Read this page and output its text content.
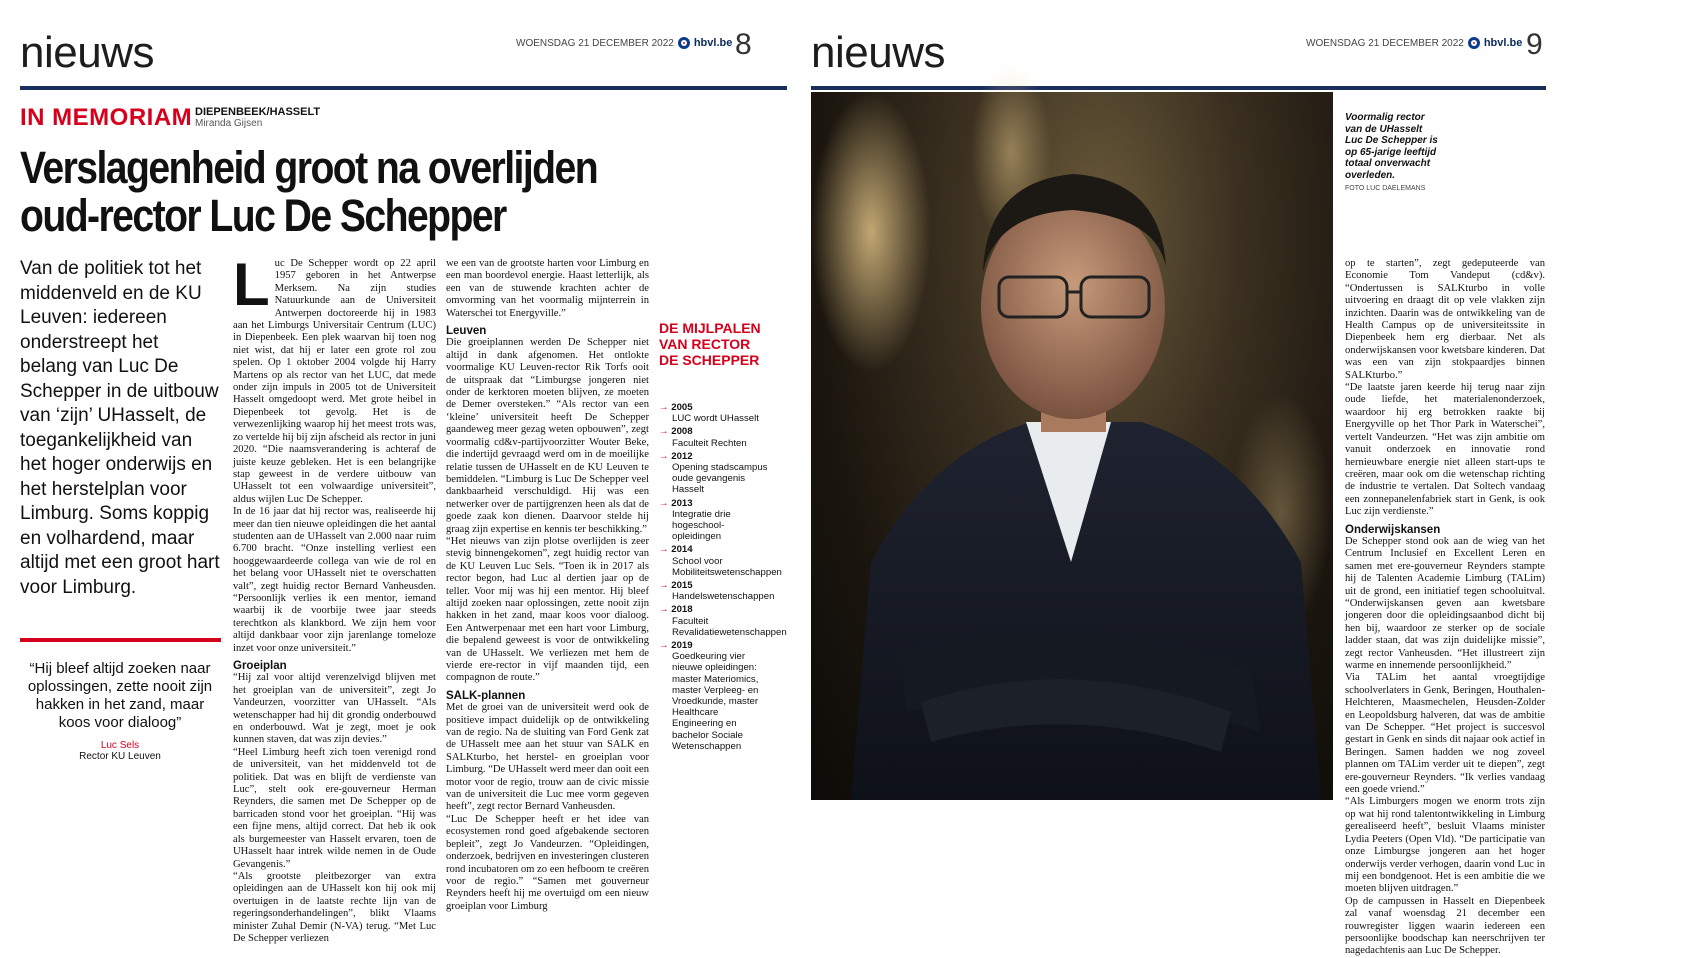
nieuws	WOENSDAG 21 DECEMBER 2022 hbvl.be 8 nieuws	WOENSDAG 21 DECEMBER 2022 hbvl.be 9
IN MEMORIAM DIEPENBEEK/HASSELT
Miranda Gijsen
Verslagenheid groot na overlijden
oud-rector Luc De Schepper
Van de politiek tot het middenveld en de KU Leuven: iedereen onderstreept het belang van Luc De Schepper in de uitbouw van ‘zijn’ UHasselt, de toegankelijkheid van het hoger onderwijs en het herstelplan voor Limburg. Soms koppig en volhardend, maar altijd met een groot hart voor Limburg.
“Hij bleef altijd zoeken naar oplossingen, zette nooit zijn hakken in het zand, maar koos voor dialoog”
Luc Sels
Rector KU Leuven

Luc De Schepper wordt op 22 april 1957 geboren in het Antwerpse Merksem. Na zijn studies Natuurkunde aan de Universiteit Antwerpen doctoreerde hij in 1983 aan het Limburgs Universitair Centrum (LUC) in Diepenbeek. Een plek waarvan hij toen nog niet wist, dat hij er later een grote rol zou spelen. Op 1 oktober 2004 volgde hij Harry Martens op als rector van het LUC, dat mede onder zijn impuls in 2005 tot de Universiteit Hasselt omgedoopt werd. Met grote heibel in Diepenbeek tot gevolg. Het is de verwezenlijking waarop hij het meest trots was, zo vertelde hij bij zijn afscheid als rector in juni 2020. “Die naamsverandering is achteraf de juiste keuze gebleken. Het is een belangrijke stap geweest in de verdere uitbouw van UHasselt tot een volwaardige universiteit”, aldus wijlen Luc De Schepper.

In de 16 jaar dat hij rector was, realiseerde hij meer dan tien nieuwe opleidingen die het aantal studenten aan de UHasselt van 2.000 naar ruim 6.700 bracht. “Onze instelling verliest een hooggewaardeerde collega van wie de rol en het belang voor UHasselt niet te overschatten valt”, zegt huidig rector Bernard Vanheusden. “Persoonlijk verlies ik een mentor, iemand waarbij ik de voorbije twee jaar steeds terechtkon als klankbord. We zijn hem voor altijd dankbaar voor zijn jarenlange tomeloze inzet voor onze universiteit.”

Groeiplan

“Hij zal voor altijd verenzelvigd blijven met het groeiplan van de universiteit”, zegt Jo Vandeurzen, voorzitter van UHasselt. “Als wetenschapper had hij dit grondig onderbouwd en onderbouwd. Wat je zegt, moet je ook kunnen staven, dat was zijn devies.”

“Heel Limburg heeft zich toen verenigd rond de universiteit, van het middenveld tot de politiek. Dat was en blijft de verdienste van Luc”, stelt ook ere-gouverneur Herman Reynders, die samen met De Schepper op de barricaden stond voor het groeiplan. “Hij was een fijne mens, altijd correct. Dat heb ik ook als burgemeester van Hasselt ervaren, toen de UHasselt haar intrek wilde nemen in de Oude Gevangenis.”

“Als grootste pleitbezorger van extra opleidingen aan de UHasselt kon hij ook mij overtuigen in de laatste rechte lijn van de regeringsonderhandelingen”, blikt Vlaams minister Zuhal Demir (N-VA) terug. “Met Luc De Schepper verliezen

we een van de grootste harten voor Limburg en een man boordevol energie. Haast letterlijk, als een van de stuwende krachten achter de omvorming van het voormalig mijnterrein in Waterschei tot Energyville.”

Leuven

Die groeiplannen werden De Schepper niet altijd in dank afgenomen. Het ontlokte voormalige KU Leuven-rector Rik Torfs ooit de uitspraak dat “Limburgse jongeren niet onder de kerktoren moeten blijven, ze moeten de Demer oversteken.” “Als rector van een ‘kleine’ universiteit heeft De Schepper gaandeweg meer gezag weten opbouwen”, zegt voormalig cd&v-partijvoorzitter Wouter Beke, die indertijd gevraagd werd om in de moeilijke relatie tussen de UHasselt en de KU Leuven te bemiddelen. “Limburg is Luc De Schepper veel dankbaarheid verschuldigd. Hij was een netwerker over de partijgrenzen heen als dat de goede zaak kon dienen. Daarvoor stelde hij graag zijn expertise en kennis ter beschikking.”

“Het nieuws van zijn plotse overlijden is zeer stevig binnengekomen”, zegt huidig rector van de KU Leuven Luc Sels. “Toen ik in 2017 als rector begon, had Luc al dertien jaar op de teller. Voor mij was hij een mentor. Hij bleef altijd zoeken naar oplossingen, zette nooit zijn hakken in het zand, maar koos voor dialoog. Een Antwerpenaar met een hart voor Limburg, die bepalend geweest is voor de ontwikkeling van de UHasselt. We verliezen met hem de vierde ere-rector in vijf maanden tijd, een compagnon de route.”

SALK-plannen

Met de groei van de universiteit werd ook de positieve impact duidelijk op de ontwikkeling van de regio. Na de sluiting van Ford Genk zat de UHasselt mee aan het stuur van SALK en SALKturbo, het herstel- en groeiplan voor Limburg. “De UHasselt werd meer dan ooit een motor voor de regio, trouw aan de civic missie van de universiteit die Luc mee vorm gegeven heeft”, zegt rector Bernard Vanheusden.

“Luc De Schepper heeft er het idee van ecosystemen rond goed afgebakende sectoren bepleit”, zegt Jo Vandeurzen. “Opleidingen, onderzoek, bedrijven en investeringen clusteren rond incubatoren om zo een hefboom te creëren voor de regio.” “Samen met gouverneur Reynders heeft hij me overtuigd om een nieuw groeiplan voor Limburg

DE MIJLPALEN VAN RECTOR DE SCHEPPER
→ 2005
LUC wordt UHasselt
→ 2008
Faculteit Rechten
→ 2012
Opening stadscampus oude gevangenis Hasselt
→ 2013
Integratie drie hogeschool-opleidingen
→ 2014
School voor Mobiliteitswetenschappen
→ 2015
Handelswetenschappen
→ 2018
Faculteit Revalidatiewetenschappen
→ 2019
Goedkeuring vier nieuwe opleidingen: master Materiomics, master Verpleeg- en Vroedkunde, master Healthcare Engineering en bachelor Sociale Wetenschappen
Voormalig rector van de UHasselt Luc De Schepper is op 65-jarige leeftijd totaal onverwacht overleden.
FOTO LUC DAELEMANS

op te starten”, zegt gedeputeerde van Economie Tom Vandeput (cd&v). “Ondertussen is SALKturbo in volle uitvoering en draagt dit op vele vlakken zijn inzichten. Daarin was de ontwikkeling van de Health Campus op de universiteitssite in Diepenbeek hem erg dierbaar. Net als onderwijskansen voor kwetsbare kinderen. Dat was een van zijn stokpaardjes binnen SALKturbo.”

“De laatste jaren keerde hij terug naar zijn oude liefde, het materialenonderzoek, waardoor hij erg betrokken raakte bij Energyville op het Thor Park in Waterschei”, vertelt Vandeurzen. “Het was zijn ambitie om vanuit onderzoek en innovatie rond hernieuwbare energie niet alleen start-ups te creëren, maar ook om die wetenschap richting de industrie te vertalen. Dat Soltech vandaag een zonnepanelenfabriek start in Genk, is ook Luc zijn verdienste.”

Onderwijskansen

De Schepper stond ook aan de wieg van het Centrum Inclusief en Excellent Leren en samen met ere-gouverneur Reynders stampte hij de Talenten Academie Limburg (TALim) uit de grond, een initiatief tegen schooluitval. “Onderwijskansen geven aan kwetsbare jongeren door die opleidingsaanbod dicht bij hen bij, waardoor ze sterker op de sociale ladder staan, dat was zijn duidelijke missie”, zegt rector Vanheusden. “Het illustreert zijn warme en innemende persoonlijkheid.”

Via TALim het aantal vroegtijdige schoolverlaters in Genk, Beringen, Houthalen-Helchteren, Maasmechelen, Heusden-Zolder en Leopoldsburg halveren, dat was de ambitie van De Schepper. “Het project is succesvol gestart in Genk en sinds dit najaar ook actief in Beringen. Samen hadden we nog zoveel plannen om TALim verder uit te diepen”, zegt ere-gouverneur Reynders. “Ik verlies vandaag een goede vriend.”

“Als Limburgers mogen we enorm trots zijn op wat hij rond talentontwikkeling in Limburg gerealiseerd heeft”, besluit Vlaams minister Lydia Peeters (Open Vld). “De participatie van onze Limburgse jongeren aan het hoger onderwijs verder verhogen, daarin vond Luc in mij een bondgenoot. Het is een ambitie die we moeten blijven uitdragen.”

Op de campussen in Hasselt en Diepenbeek zal vanaf woensdag 21 december een rouwregister liggen waarin iedereen een persoonlijke boodschap kan neerschrijven ter nagedachtenis aan Luc De Schepper.
